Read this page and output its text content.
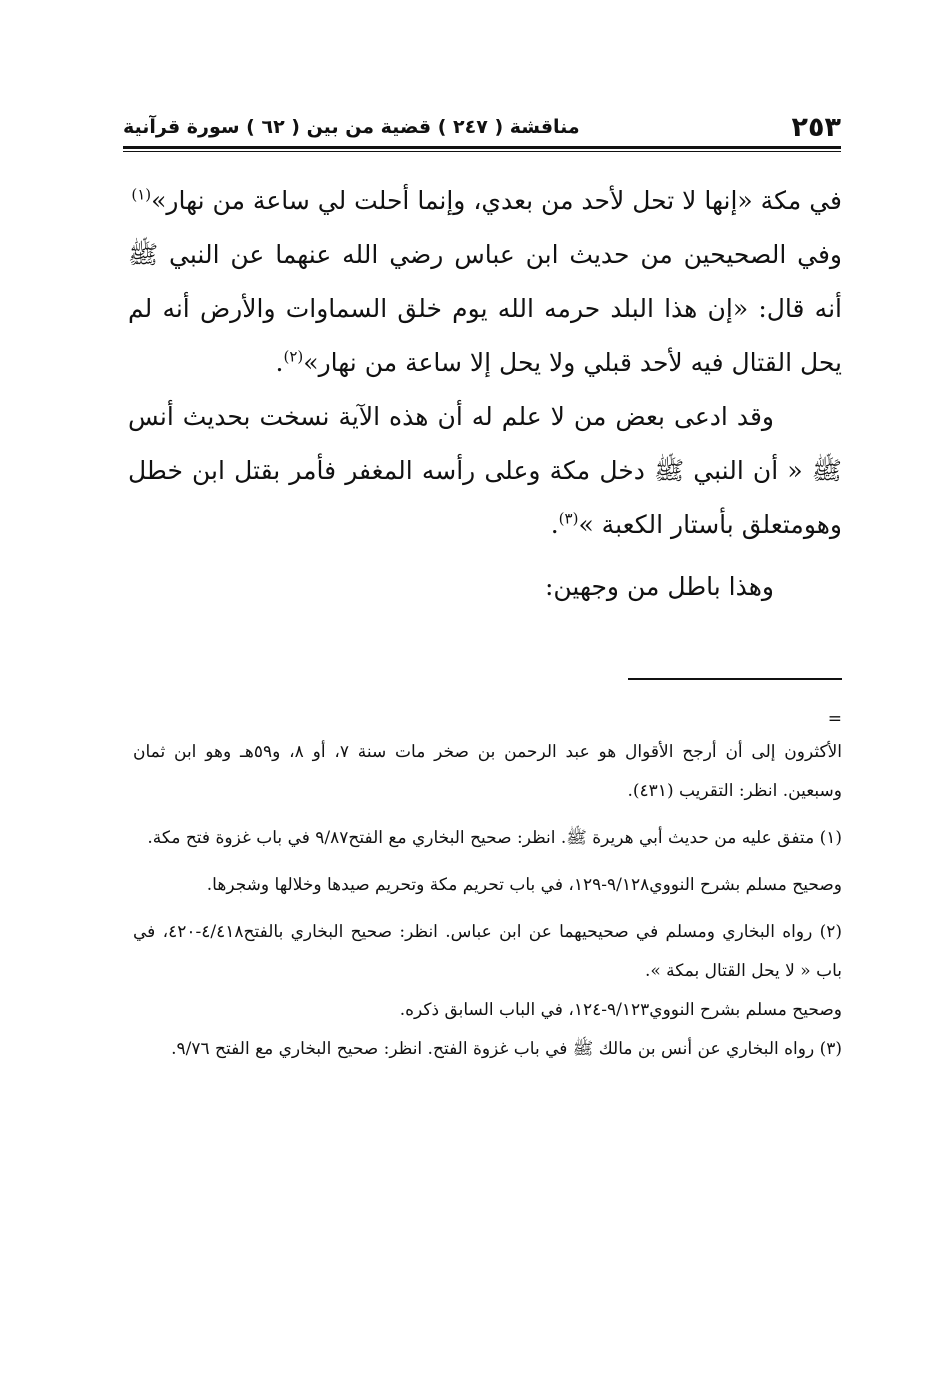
٢٥٣
مناقشة ( ٢٤٧ ) قضية من بين ( ٦٢ ) سورة قرآنية

في مكة «إنها لا تحل لأحد من بعدي، وإنما أحلت لي ساعة من نهار»$^{(١)}$

وفي الصحيحين من حديث ابن عباس رضي الله عنهما عن النبي ﷺ أنه قال: «إن هذا البلد حرمه الله يوم خلق السماوات والأرض أنه لم يحل القتال فيه لأحد قبلي ولا يحل إلا ساعة من نهار»$^{(٢)}$.

وقد ادعى بعض من لا علم له أن هذه الآية نسخت بحديث أنس ﷺ « أن النبي ﷺ دخل مكة وعلى رأسه المغفر فأمر بقتل ابن خطل وهومتعلق بأستار الكعبة »$^{(٣)}$.

وهذا باطل من وجهين:

=

الأكثرون إلى أن أرجح الأقوال هو عبد الرحمن بن صخر مات سنة ٧، أو ٨، و٥٩هـ وهو ابن ثمان وسبعين. انظر: التقريب (٤٣١).

(١) متفق عليه من حديث أبي هريرة ﷺ. انظر: صحيح البخاري مع الفتح٩/٨٧ في باب غزوة فتح مكة.

وصحيح مسلم بشرح النووي٩/١٢٨-١٢٩، في باب تحريم مكة وتحريم صيدها وخلالها وشجرها.

(٢) رواه البخاري ومسلم في صحيحيهما عن ابن عباس. انظر: صحيح البخاري بالفتح٤/٤١٨-٤٢٠، في باب « لا يحل القتال بمكة ».

وصحيح مسلم بشرح النووي٩/١٢٣-١٢٤، في الباب السابق ذكره.

(٣) رواه البخاري عن أنس بن مالك ﷺ في باب غزوة الفتح. انظر: صحيح البخاري مع الفتح ٩/٧٦.
